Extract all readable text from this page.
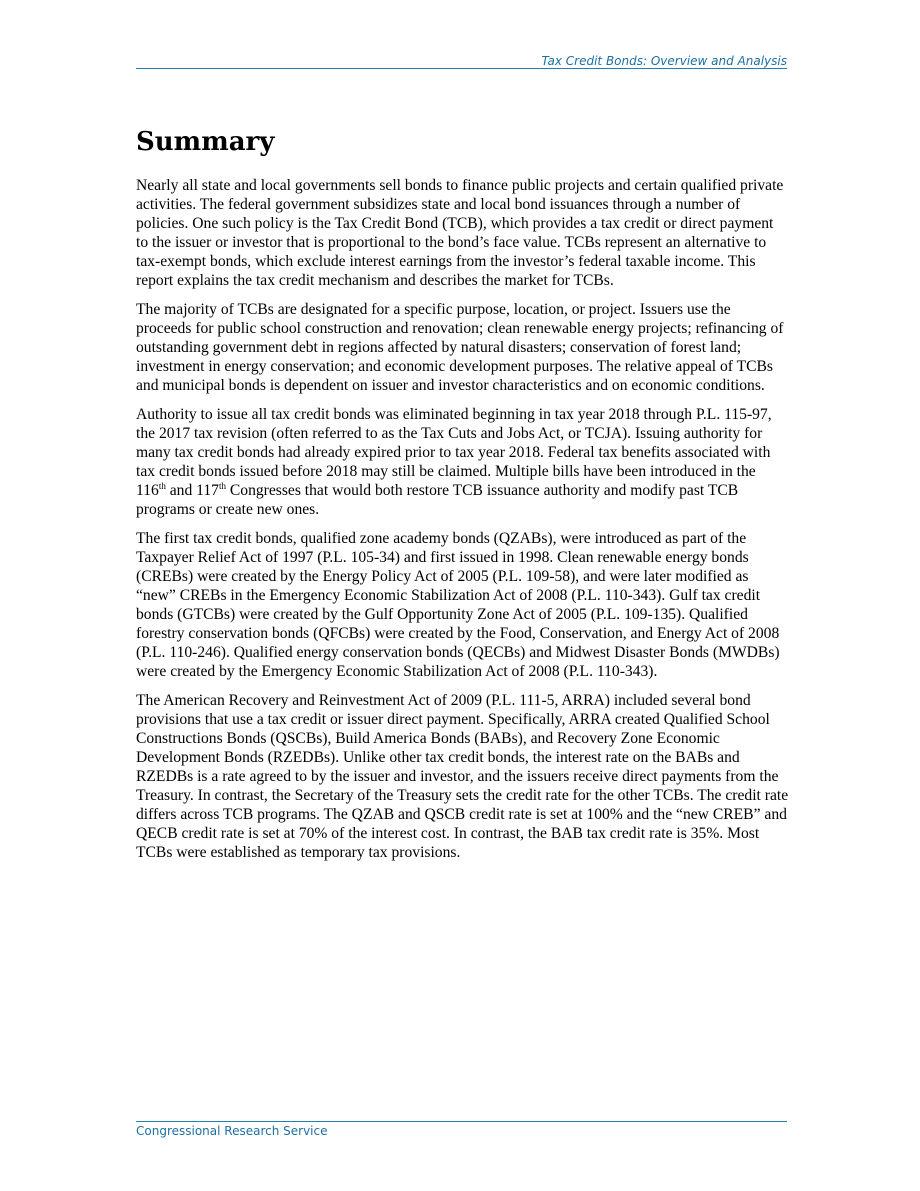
Tax Credit Bonds: Overview and Analysis
Summary

Nearly all state and local governments sell bonds to finance public projects and certain qualified private activities. The federal government subsidizes state and local bond issuances through a number of policies. One such policy is the Tax Credit Bond (TCB), which provides a tax credit or direct payment to the issuer or investor that is proportional to the bond’s face value. TCBs represent an alternative to tax-exempt bonds, which exclude interest earnings from the investor’s federal taxable income. This report explains the tax credit mechanism and describes the market for TCBs.

The majority of TCBs are designated for a specific purpose, location, or project. Issuers use the proceeds for public school construction and renovation; clean renewable energy projects; refinancing of outstanding government debt in regions affected by natural disasters; conservation of forest land; investment in energy conservation; and economic development purposes. The relative appeal of TCBs and municipal bonds is dependent on issuer and investor characteristics and on economic conditions.

Authority to issue all tax credit bonds was eliminated beginning in tax year 2018 through P.L. 115-97, the 2017 tax revision (often referred to as the Tax Cuts and Jobs Act, or TCJA). Issuing authority for many tax credit bonds had already expired prior to tax year 2018. Federal tax benefits associated with tax credit bonds issued before 2018 may still be claimed. Multiple bills have been introduced in the 116th and 117th Congresses that would both restore TCB issuance authority and modify past TCB programs or create new ones.

The first tax credit bonds, qualified zone academy bonds (QZABs), were introduced as part of the Taxpayer Relief Act of 1997 (P.L. 105-34) and first issued in 1998. Clean renewable energy bonds (CREBs) were created by the Energy Policy Act of 2005 (P.L. 109-58), and were later modified as “new” CREBs in the Emergency Economic Stabilization Act of 2008 (P.L. 110-343). Gulf tax credit bonds (GTCBs) were created by the Gulf Opportunity Zone Act of 2005 (P.L. 109-135). Qualified forestry conservation bonds (QFCBs) were created by the Food, Conservation, and Energy Act of 2008 (P.L. 110-246). Qualified energy conservation bonds (QECBs) and Midwest Disaster Bonds (MWDBs) were created by the Emergency Economic Stabilization Act of 2008 (P.L. 110-343).

The American Recovery and Reinvestment Act of 2009 (P.L. 111-5, ARRA) included several bond provisions that use a tax credit or issuer direct payment. Specifically, ARRA created Qualified School Constructions Bonds (QSCBs), Build America Bonds (BABs), and Recovery Zone Economic Development Bonds (RZEDBs). Unlike other tax credit bonds, the interest rate on the BABs and RZEDBs is a rate agreed to by the issuer and investor, and the issuers receive direct payments from the Treasury. In contrast, the Secretary of the Treasury sets the credit rate for the other TCBs. The credit rate differs across TCB programs. The QZAB and QSCB credit rate is set at 100% and the “new CREB” and QECB credit rate is set at 70% of the interest cost. In contrast, the BAB tax credit rate is 35%. Most TCBs were established as temporary tax provisions.

Congressional Research Service
